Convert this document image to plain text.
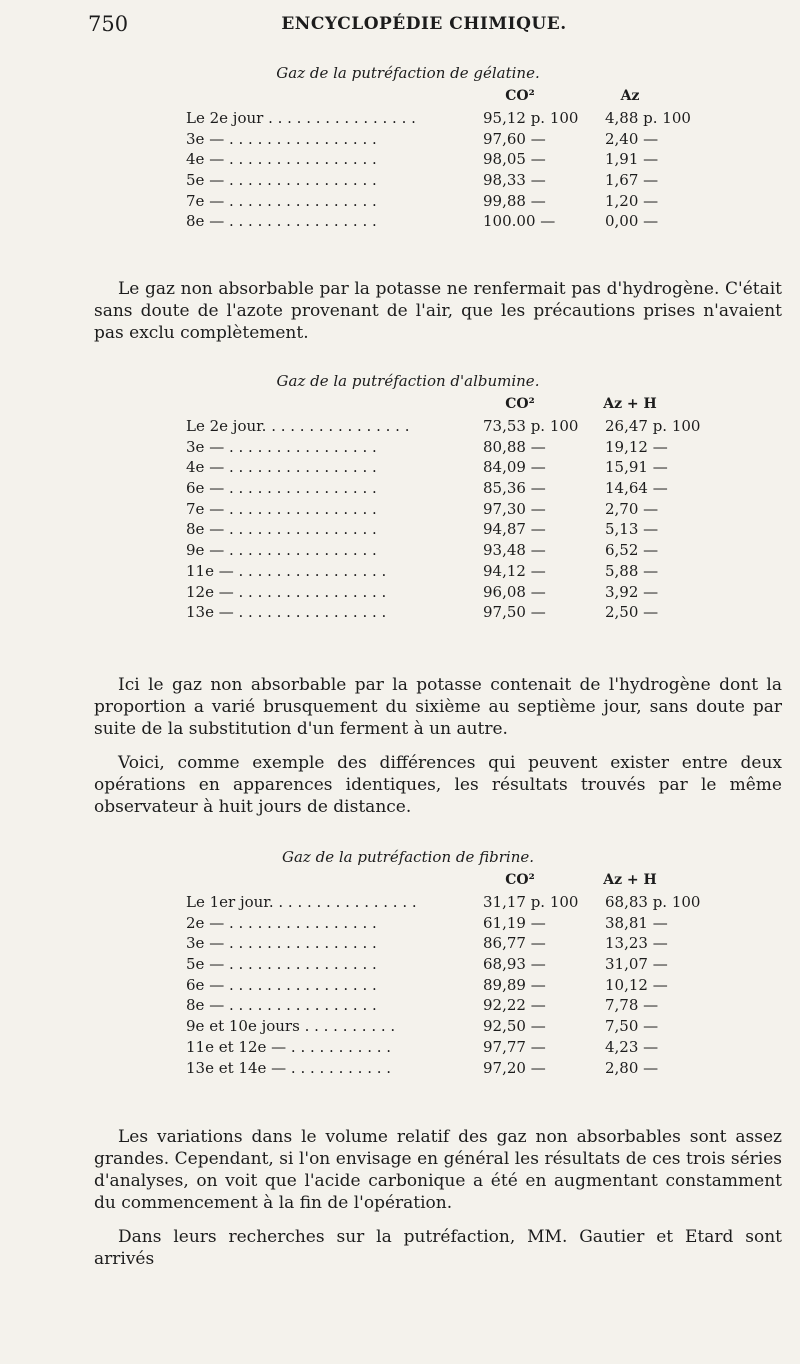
750	ENCYCLOPÉDIE CHIMIQUE.
Gaz de la putréfaction de gélatine.
CO²	Az
Le 2e jour . . . . . . . . . . . . . . . .	95,12 p. 100 4,88 p. 100
3e — . . . . . . . . . . . . . . . .	97,60 —	2,40 —
4e — . . . . . . . . . . . . . . . .	98,05 —	1,91 —
5e — . . . . . . . . . . . . . . . .	98,33 —	1,67 —
7e — . . . . . . . . . . . . . . . .	99,88 —	1,20 —
8e — . . . . . . . . . . . . . . . .	100.00 —	0,00 —

Le gaz non absorbable par la potasse ne renfermait pas d'hydrogène. C'était sans doute de l'azote provenant de l'air, que les précautions prises n'avaient pas exclu complètement.

Gaz de la putréfaction d'albumine.
CO²	Az + H
Le 2e jour. . . . . . . . . . . . . . . .	73,53 p. 100 26,47 p. 100
3e — . . . . . . . . . . . . . . . .	80,88 —	19,12 —
4e — . . . . . . . . . . . . . . . .	84,09 —	15,91 —
6e — . . . . . . . . . . . . . . . .	85,36 —	14,64 —
7e — . . . . . . . . . . . . . . . .	97,30 —	2,70 —
8e — . . . . . . . . . . . . . . . .	94,87 —	5,13 —
9e — . . . . . . . . . . . . . . . .	93,48 —	6,52 —
11e — . . . . . . . . . . . . . . . .	94,12 —	5,88 —
12e — . . . . . . . . . . . . . . . .	96,08 —	3,92 —
13e — . . . . . . . . . . . . . . . .	97,50 —	2,50 —

Ici le gaz non absorbable par la potasse contenait de l'hydrogène dont la proportion a varié brusquement du sixième au septième jour, sans doute par suite de la substitution d'un ferment à un autre.

Voici, comme exemple des différences qui peuvent exister entre deux opérations en apparences identiques, les résultats trouvés par le même observateur à huit jours de distance.

Gaz de la putréfaction de fibrine.
CO²	Az + H
Le 1er jour. . . . . . . . . . . . . . . .	31,17 p. 100 68,83 p. 100
2e — . . . . . . . . . . . . . . . .	61,19 —	38,81 —
3e — . . . . . . . . . . . . . . . .	86,77 —	13,23 —
5e — . . . . . . . . . . . . . . . .	68,93 —	31,07 —
6e — . . . . . . . . . . . . . . . .	89,89 —	10,12 —
8e — . . . . . . . . . . . . . . . .	92,22 —	7,78 —
9e et 10e jours . . . . . . . . . .	92,50 —	7,50 —
11e et 12e — . . . . . . . . . . .	97,77 —	4,23 —
13e et 14e — . . . . . . . . . . .	97,20 —	2,80 —

Les variations dans le volume relatif des gaz non absorbables sont assez grandes. Cependant, si l'on envisage en général les résultats de ces trois séries d'analyses, on voit que l'acide carbonique a été en augmentant constamment du commencement à la fin de l'opération.

Dans leurs recherches sur la putréfaction, MM. Gautier et Etard sont arrivés
